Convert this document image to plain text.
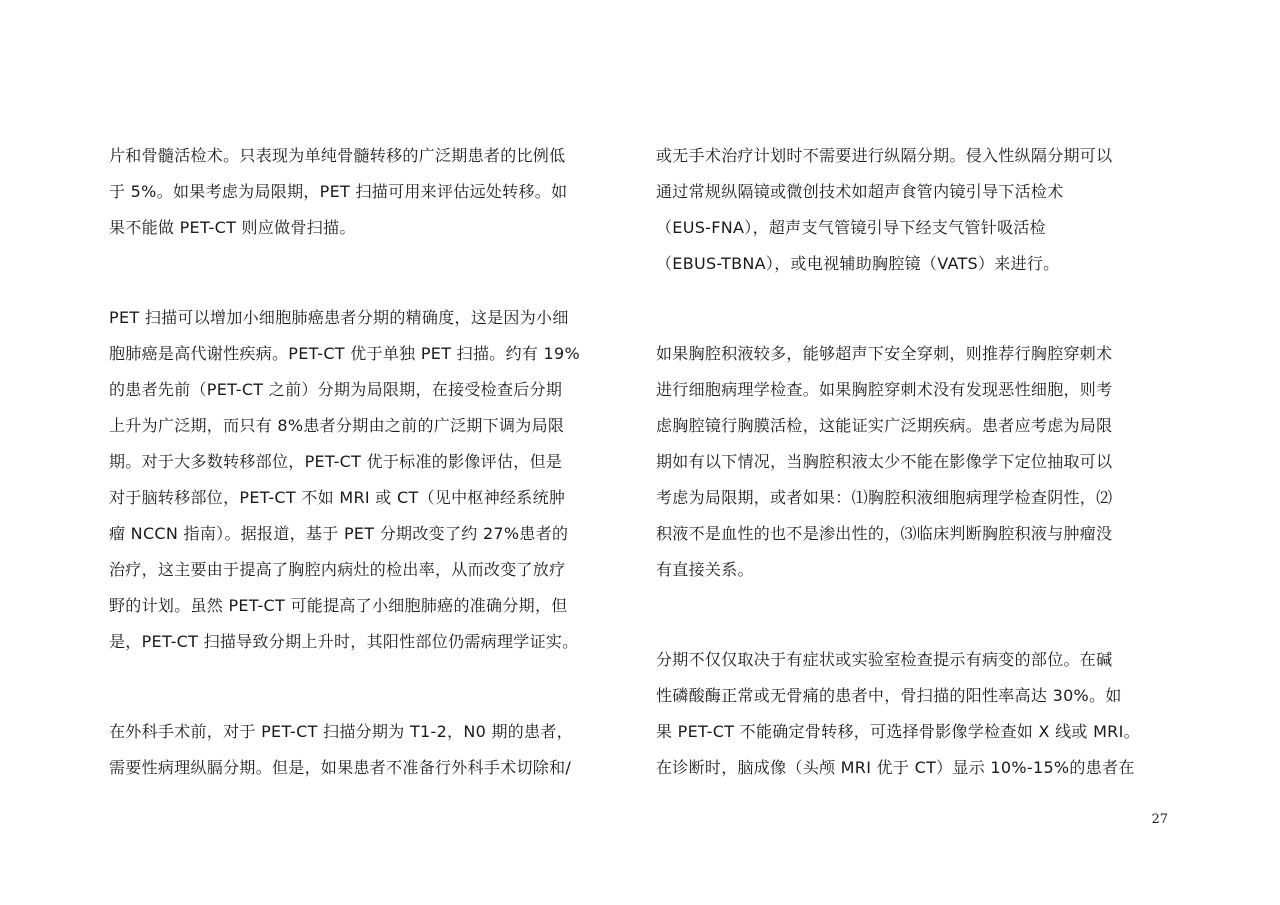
片和骨髓活检术。只表现为单纯骨髓转移的广泛期患者的比例低
于 5%。如果考虑为局限期，PET 扫描可用来评估远处转移。如
果不能做 PET-CT 则应做骨扫描。
PET 扫描可以增加小细胞肺癌患者分期的精确度，这是因为小细
胞肺癌是高代谢性疾病。PET-CT 优于单独 PET 扫描。约有 19%
的患者先前（PET-CT 之前）分期为局限期，在接受检查后分期
上升为广泛期，而只有 8%患者分期由之前的广泛期下调为局限
期。对于大多数转移部位，PET-CT 优于标准的影像评估，但是
对于脑转移部位，PET-CT 不如 MRI 或 CT（见中枢神经系统肿
瘤 NCCN 指南）。据报道，基于 PET 分期改变了约 27%患者的
治疗，这主要由于提高了胸腔内病灶的检出率，从而改变了放疗
野的计划。虽然 PET-CT 可能提高了小细胞肺癌的准确分期，但
是，PET-CT 扫描导致分期上升时，其阳性部位仍需病理学证实。
在外科手术前，对于 PET-CT 扫描分期为 T1-2，N0 期的患者，
需要性病理纵膈分期。但是，如果患者不准备行外科手术切除和/
或无手术治疗计划时不需要进行纵隔分期。侵入性纵隔分期可以
通过常规纵隔镜或微创技术如超声食管内镜引导下活检术
（EUS-FNA），超声支气管镜引导下经支气管针吸活检
（EBUS-TBNA），或电视辅助胸腔镜（VATS）来进行。
如果胸腔积液较多，能够超声下安全穿刺，则推荐行胸腔穿刺术
进行细胞病理学检查。如果胸腔穿刺术没有发现恶性细胞，则考
虑胸腔镜行胸膜活检，这能证实广泛期疾病。患者应考虑为局限
期如有以下情况，当胸腔积液太少不能在影像学下定位抽取可以
考虑为局限期，或者如果：⑴胸腔积液细胞病理学检查阴性，⑵
积液不是血性的也不是渗出性的，⑶临床判断胸腔积液与肿瘤没
有直接关系。
分期不仅仅取决于有症状或实验室检查提示有病变的部位。在碱
性磷酸酶正常或无骨痛的患者中，骨扫描的阳性率高达 30%。如
果 PET-CT 不能确定骨转移，可选择骨影像学检查如 X 线或 MRI。
在诊断时，脑成像（头颅 MRI 优于 CT）显示 10%-15%的患者在
27
